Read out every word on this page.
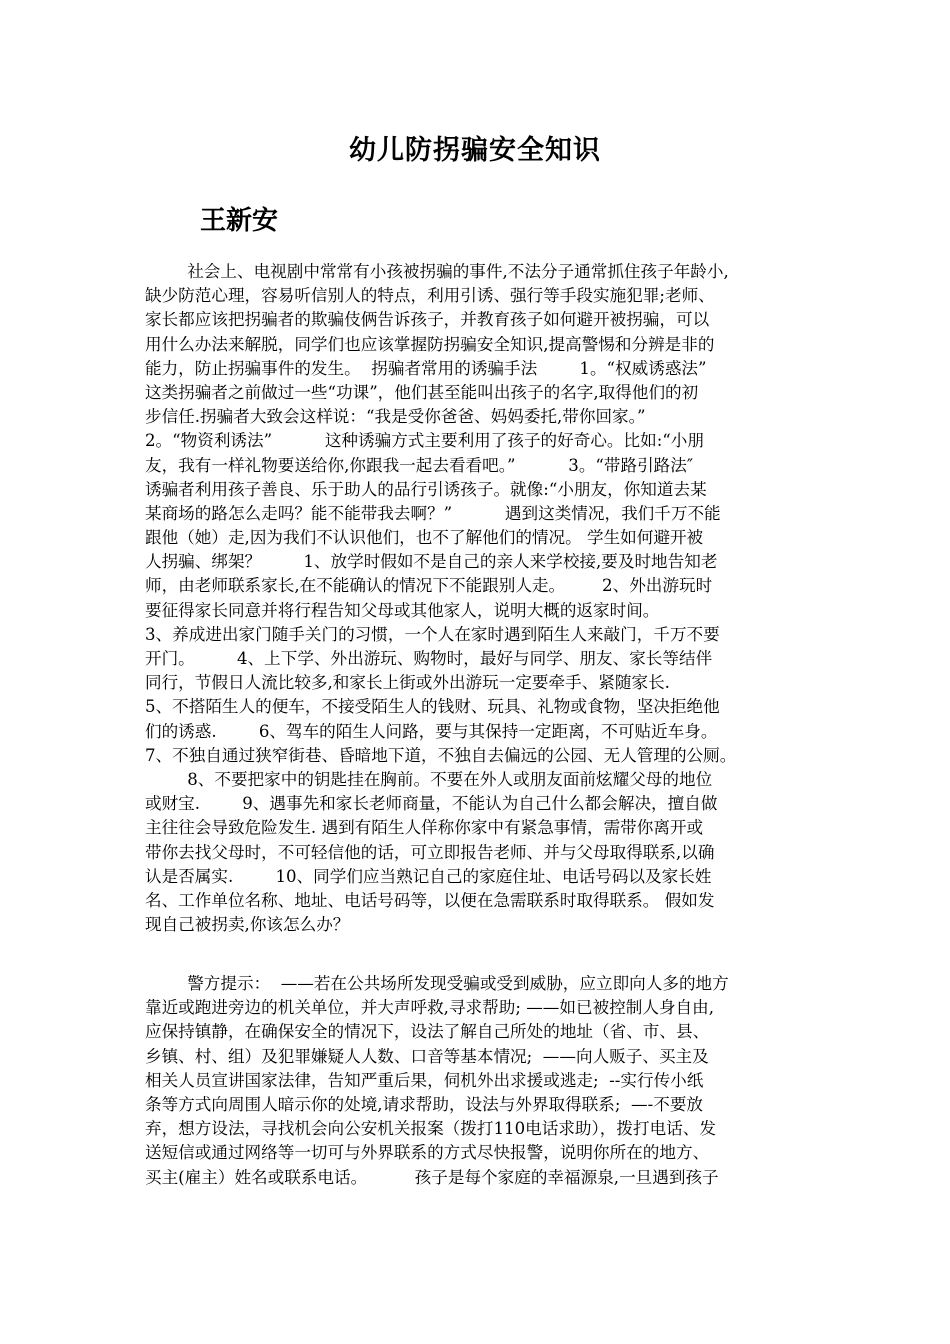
幼儿防拐骗安全知识
王新安
社会上、电视剧中常常有小孩被拐骗的事件,不法分子通常抓住孩子年龄小,
缺少防范心理，容易听信别人的特点，利用引诱、强行等手段实施犯罪;老师、
家长都应该把拐骗者的欺骗伎俩告诉孩子，并教育孩子如何避开被拐骗，可以
用什么办法来解脱，同学们也应该掌握防拐骗安全知识,提高警惕和分辨是非的
能力，防止拐骗事件的发生。  拐骗者常用的诱骗手法        1。“权威诱惑法”
这类拐骗者之前做过一些“功课”，他们甚至能叫出孩子的名字,取得他们的初
步信任.拐骗者大致会这样说：“我是受你爸爸、妈妈委托,带你回家。”
2。“物资利诱法”          这种诱骗方式主要利用了孩子的好奇心。比如:“小朋
友，我有一样礼物要送给你,你跟我一起去看看吧。”          3。“带路引路法″
诱骗者利用孩子善良、乐于助人的品行引诱孩子。就像:“小朋友，你知道去某
某商场的路怎么走吗？能不能带我去啊？”          遇到这类情况，我们千万不能
跟他（她）走,因为我们不认识他们，也不了解他们的情况。 学生如何避开被
人拐骗、绑架？        1、放学时假如不是自己的亲人来学校接,要及时地告知老
师，由老师联系家长,在不能确认的情况下不能跟别人走。       2、外出游玩时
要征得家长同意并将行程告知父母或其他家人，说明大概的返家时间。
3、养成进出家门随手关门的习惯，一个人在家时遇到陌生人来敲门，千万不要
开门。        4、上下学、外出游玩、购物时，最好与同学、朋友、家长等结伴
同行，节假日人流比较多,和家长上街或外出游玩一定要牵手、紧随家长.
5、不搭陌生人的便车，不接受陌生人的钱财、玩具、礼物或食物，坚决拒绝他
们的诱惑.        6、驾车的陌生人问路，要与其保持一定距离，不可贴近车身。
7、不独自通过狭窄街巷、昏暗地下道，不独自去偏远的公园、无人管理的公厕。
8、不要把家中的钥匙挂在胸前。不要在外人或朋友面前炫耀父母的地位
或财宝.        9、遇事先和家长老师商量，不能认为自己什么都会解决，擅自做
主往往会导致危险发生. 遇到有陌生人佯称你家中有紧急事情，需带你离开或
带你去找父母时，不可轻信他的话，可立即报告老师、并与父母取得联系,以确
认是否属实.        10、同学们应当熟记自己的家庭住址、电话号码以及家长姓
名、工作单位名称、地址、电话号码等，以便在急需联系时取得联系。 假如发
现自己被拐卖,你该怎么办？
警方提示：  ——若在公共场所发现受骗或受到威胁，应立即向人多的地方
靠近或跑进旁边的机关单位，并大声呼救,寻求帮助; ——如已被控制人身自由,
应保持镇静，在确保安全的情况下，设法了解自己所处的地址（省、市、县、
乡镇、村、组）及犯罪嫌疑人人数、口音等基本情况;  ——向人贩子、买主及
相关人员宣讲国家法律，告知严重后果，伺机外出求援或逃走;  --实行传小纸
条等方式向周围人暗示你的处境,请求帮助，设法与外界取得联系;  —-不要放
弃，想方设法，寻找机会向公安机关报案（拨打110电话求助），拨打电话、发
送短信或通过网络等一切可与外界联系的方式尽快报警，说明你所在的地方、
买主(雇主）姓名或联系电话。         孩子是每个家庭的幸福源泉,一旦遇到孩子
